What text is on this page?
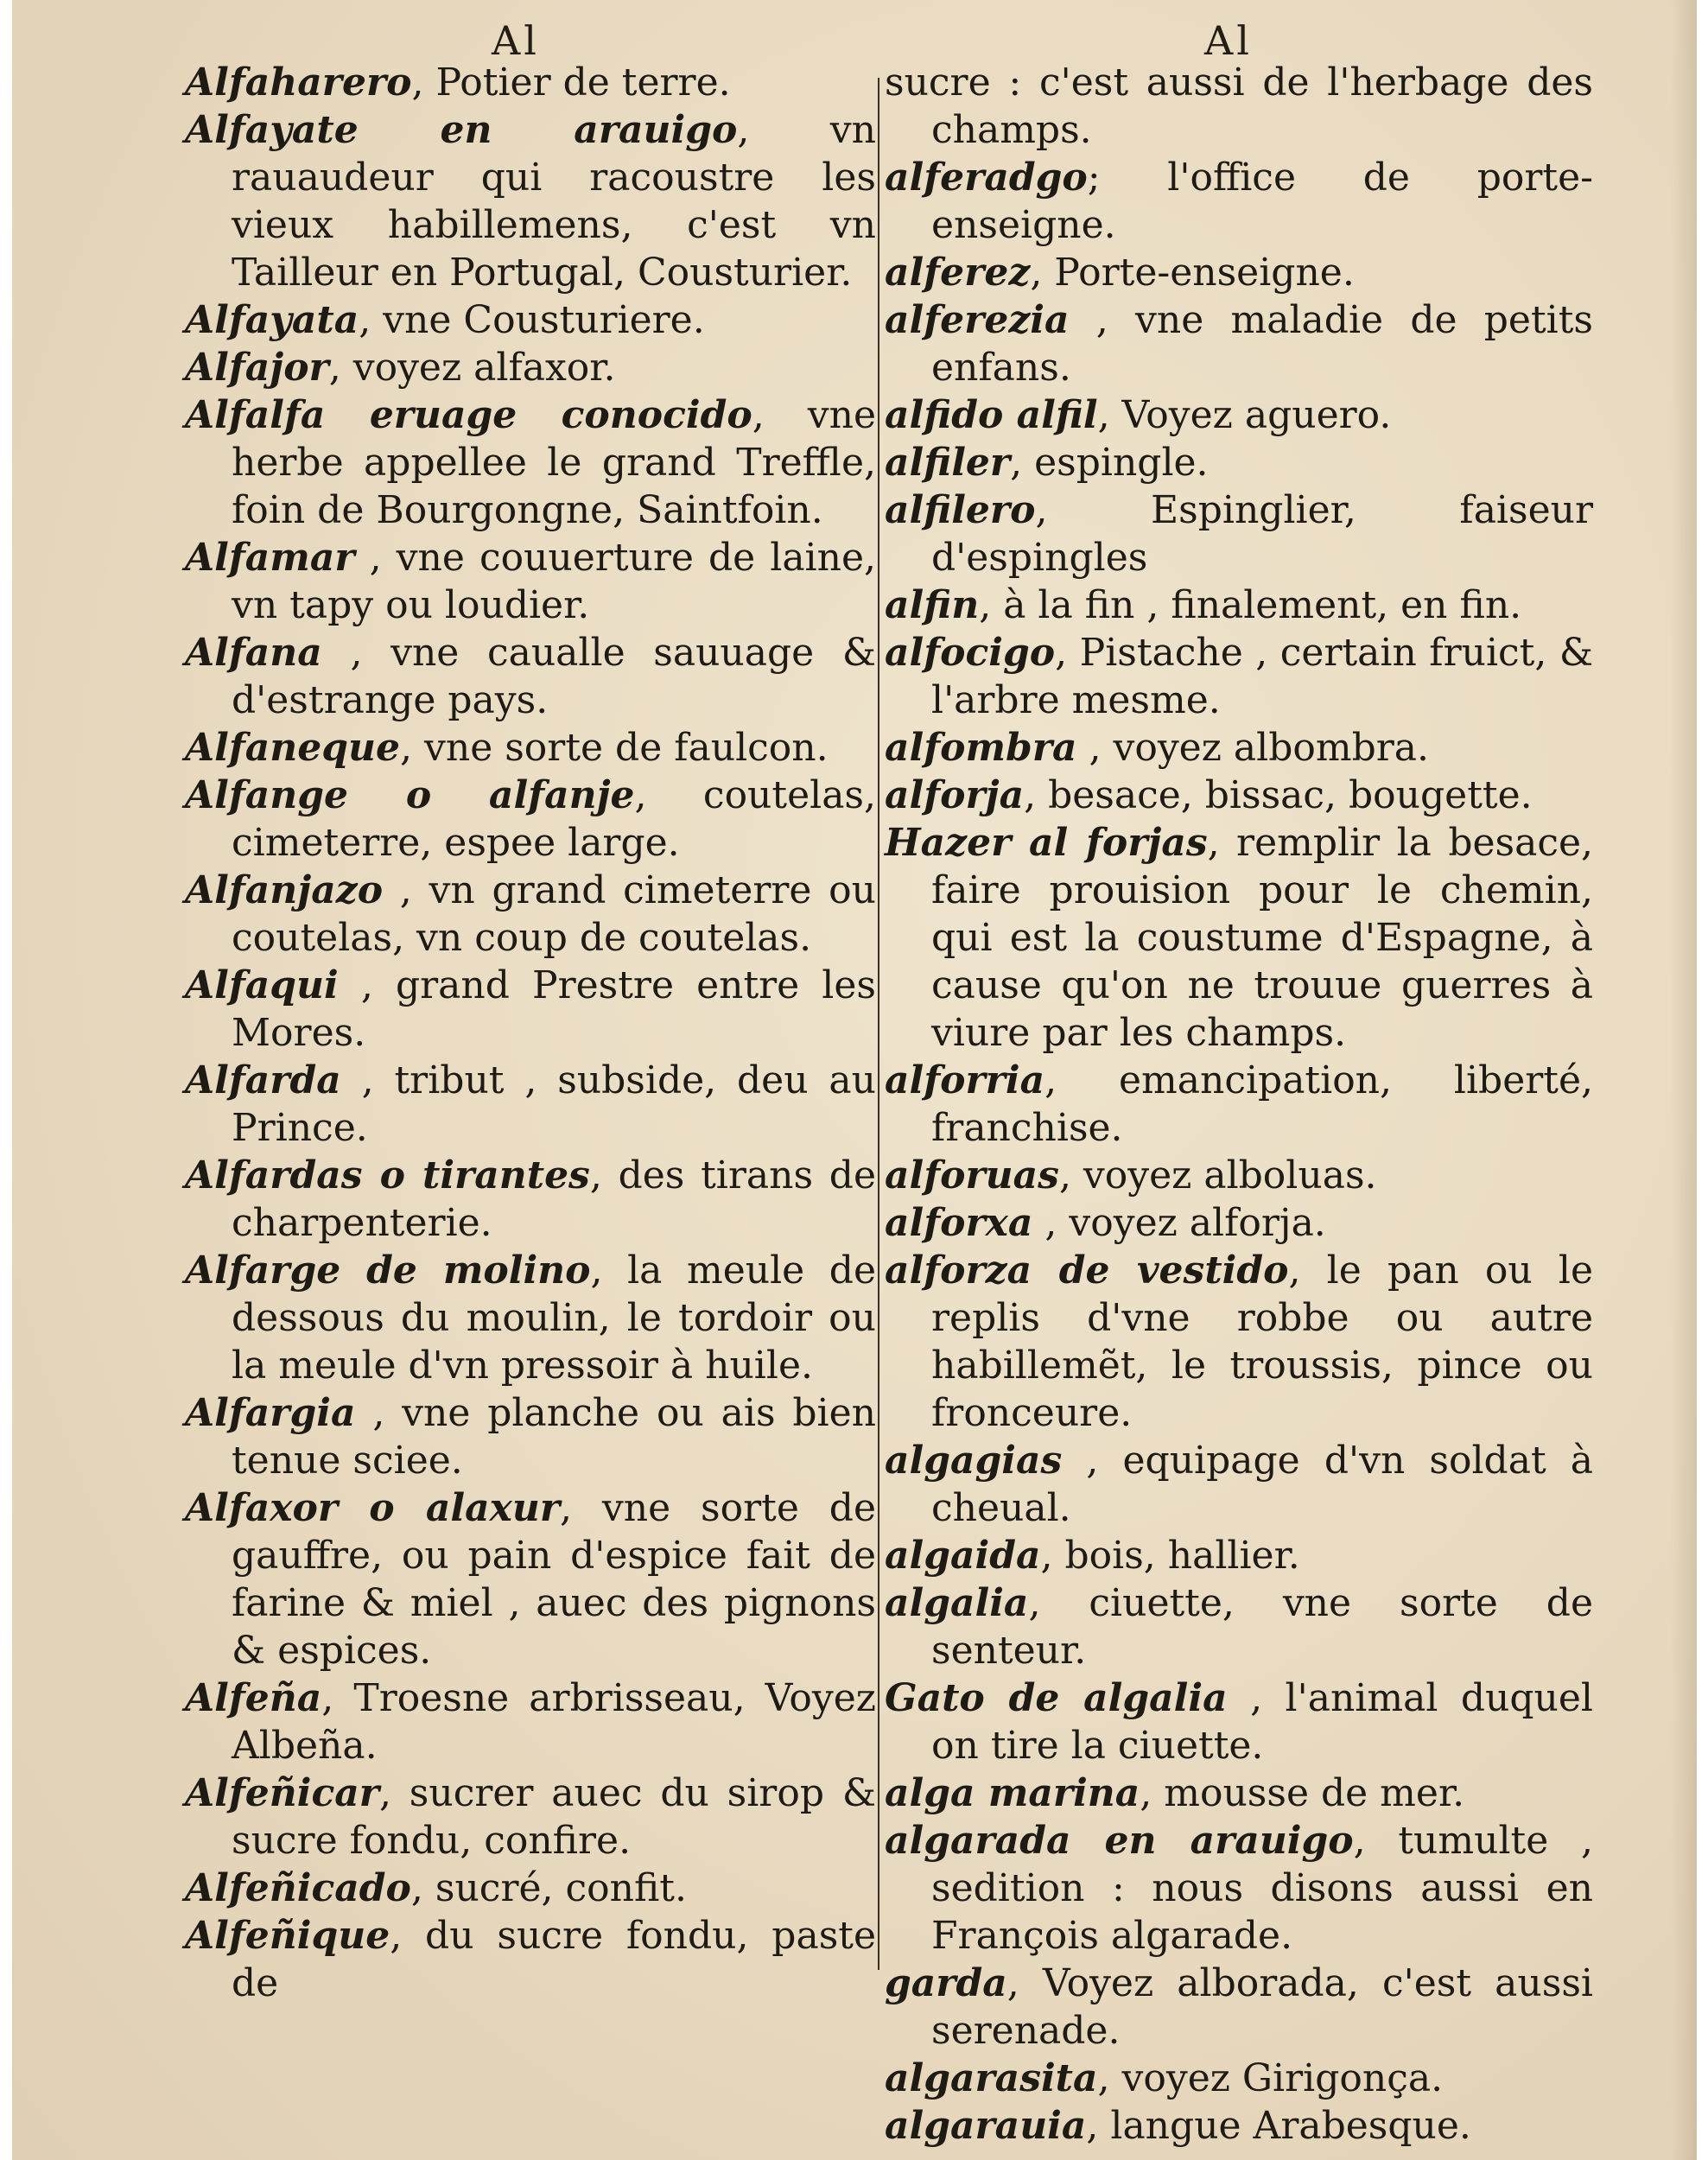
Al	Al
Alfaharero, Potier de terre.
Alfayate en arauigo, vn rauaudeur qui racoustre les vieux habillemens, c'est vn Tailleur en Portugal, Cousturier.
Alfayata, vne Cousturiere.
Alfajor, voyez alfaxor.
Alfalfa eruage conocido, vne herbe appellee le grand Treffle, foin de Bourgongne, Saintfoin.
Alfamar , vne couuerture de laine, vn tapy ou loudier.
Alfana , vne caualle sauuage & d'estrange pays.
Alfaneque, vne sorte de faulcon.
Alfange o alfanje, coutelas, cimeterre, espee large.
Alfanjazo , vn grand cimeterre ou coutelas, vn coup de coutelas.
Alfaqui , grand Prestre entre les Mores.
Alfarda , tribut , subside, deu au Prince.
Alfardas o tirantes, des tirans de charpenterie.
Alfarge de molino, la meule de dessous du moulin, le tordoir ou la meule d'vn pressoir à huile.
Alfargia , vne planche ou ais bien tenue sciee.
Alfaxor o alaxur, vne sorte de gauffre, ou pain d'espice fait de farine & miel , auec des pignons & espices.
Alfeña, Troesne arbrisseau, Voyez Albeña.
Alfeñicar, sucrer auec du sirop & sucre fondu, confire.
Alfeñicado, sucré, confit.
Alfeñique, du sucre fondu, paste de
sucre : c'est aussi de l'herbage des champs.
alferadgo; l'office de porte-enseigne.
alferez, Porte-enseigne.
alferezia , vne maladie de petits enfans.
alfido alfil, Voyez aguero.
alfiler, espingle.
alfilero, Espinglier, faiseur d'espingles
alfin, à la fin , finalement, en fin.
alfocigo, Pistache , certain fruict, & l'arbre mesme.
alfombra , voyez albombra.
alforja, besace, bissac, bougette.
Hazer al forjas, remplir la besace, faire prouision pour le chemin, qui est la coustume d'Espagne, à cause qu'on ne trouue guerres à viure par les champs.
alforria, emancipation, liberté, franchise.
alforuas, voyez alboluas.
alforxa , voyez alforja.
alforza de vestido, le pan ou le replis d'vne robbe ou autre habillemẽt, le troussis, pince ou fronceure.
algagias , equipage d'vn soldat à cheual.
algaida, bois, hallier.
algalia, ciuette, vne sorte de senteur.
Gato de algalia , l'animal duquel on tire la ciuette.
alga marina, mousse de mer.
algarada en arauigo, tumulte , sedition : nous disons aussi en François algarade.
garda, Voyez alborada, c'est aussi serenade.
algarasita, voyez Girigonça.
algarauia, langue Arabesque.
